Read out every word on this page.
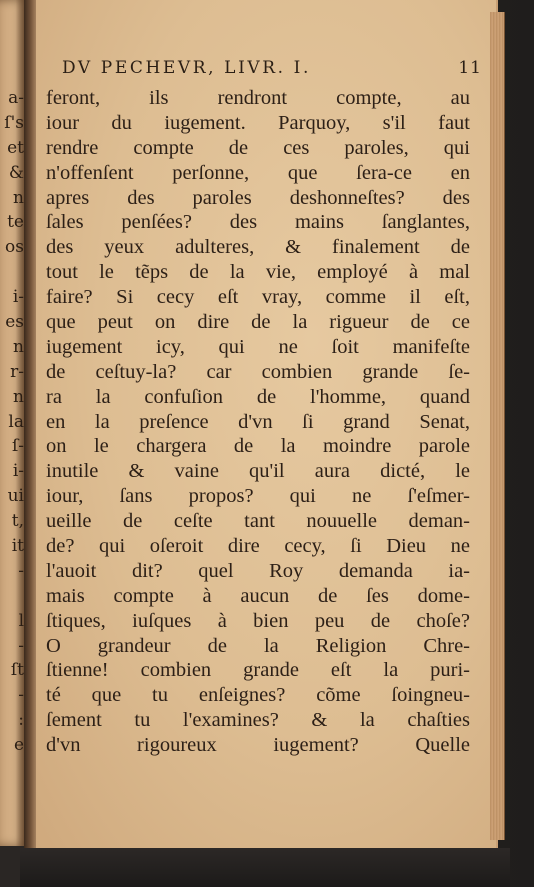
a-
ſ's
et
&
n
te
os
i-
es
n
r-
n
la
ſ-
i-
ui
t,
it
-
l
-
ſt
-
:
e
DV PECHEVR, LIVR. I.	11
feront, ils rendront compte, au
iour du iugement. Parquoy, s'il faut
rendre compte de ces paroles, qui
n'offenſent perſonne, que ſera-ce en
apres des paroles deshonneſtes? des
ſales penſées? des mains ſanglantes,
des yeux adulteres, & finalement de
tout le tẽps de la vie, employé à mal
faire? Si cecy eſt vray, comme il eſt,
que peut on dire de la rigueur de ce
iugement icy, qui ne ſoit manifeſte
de ceſtuy-la? car combien grande ſe-
ra la confuſion de l'homme, quand
en la preſence d'vn ſi grand Senat,
on le chargera de la moindre parole
inutile & vaine qu'il aura dicté, le
iour, ſans propos? qui ne ſ'eſmer-
ueille de ceſte tant nouuelle deman-
de? qui oſeroit dire cecy, ſi Dieu ne
l'auoit dit? quel Roy demanda ia-
mais compte à aucun de ſes dome-
ſtiques, iuſques à bien peu de choſe?
O grandeur de la Religion Chre-
ſtienne! combien grande eſt la puri-
té que tu enſeignes? cõme ſoingneu-
ſement tu l'examines? & la chaſties
d'vn rigoureux iugement? Quelle
